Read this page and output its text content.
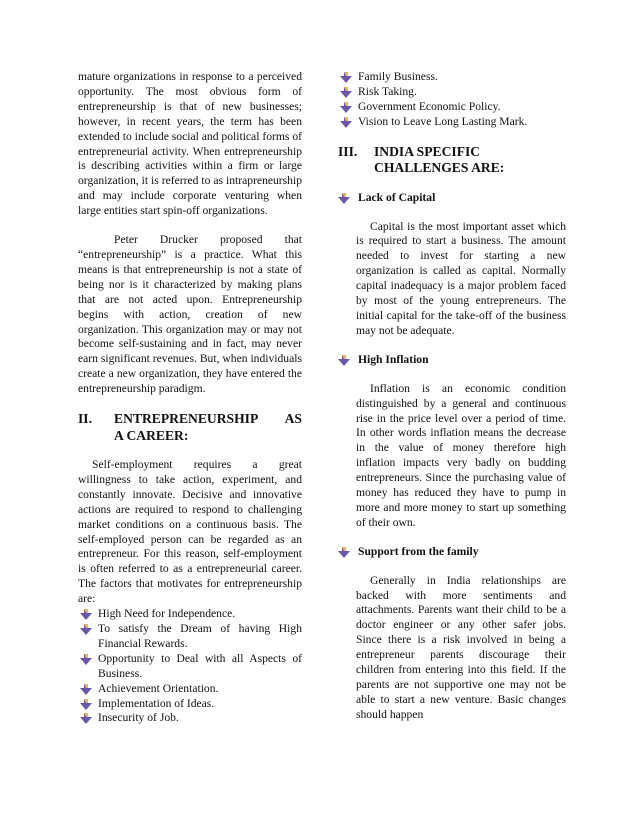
mature organizations in response to a perceived opportunity. The most obvious form of entrepreneurship is that of new businesses; however, in recent years, the term has been extended to include social and political forms of entrepreneurial activity. When entrepreneurship is describing activities within a firm or large organization, it is referred to as intrapreneurship and may include corporate venturing when large entities start spin-off organizations.

Peter Drucker proposed that “entrepreneurship” is a practice. What this means is that entrepreneurship is not a state of being nor is it characterized by making plans that are not acted upon. Entrepreneurship begins with action, creation of new organization. This organization may or may not become self-sustaining and in fact, may never earn significant revenues. But, when individuals create a new organization, they have entered the entrepreneurship paradigm.

II.	ENTREPRENEURSHIP AS
A CAREER:

Self-employment requires a great willingness to take action, experiment, and constantly innovate. Decisive and innovative actions are required to respond to challenging market conditions on a continuous basis. The self-employed person can be regarded as an entrepreneur. For this reason, self-employment is often referred to as a entrepreneurial career. The factors that motivates for entrepreneurship are:

High Need for Independence.
To satisfy the Dream of having High Financial Rewards.
Opportunity to Deal with all Aspects of Business.
Achievement Orientation.
Implementation of Ideas.
Insecurity of Job.
Family Business.
Risk Taking.
Government Economic Policy.
Vision to Leave Long Lasting Mark.
III.	INDIA SPECIFIC
CHALLENGES ARE:

Lack of Capital

Capital is the most important asset which is required to start a business. The amount needed to invest for starting a new organization is called as capital. Normally capital inadequacy is a major problem faced by most of the young entrepreneurs. The initial capital for the take-off of the business may not be adequate.

High Inflation

Inflation is an economic condition distinguished by a general and continuous rise in the price level over a period of time. In other words inflation means the decrease in the value of money therefore high inflation impacts very badly on budding entrepreneurs. Since the purchasing value of money has reduced they have to pump in more and more money to start up something of their own.

Support from the family

Generally in India relationships are backed with more sentiments and attachments. Parents want their child to be a doctor engineer or any other safer jobs. Since there is a risk involved in being a entrepreneur parents discourage their children from entering into this field. If the parents are not supportive one may not be able to start a new venture. Basic changes should happen
